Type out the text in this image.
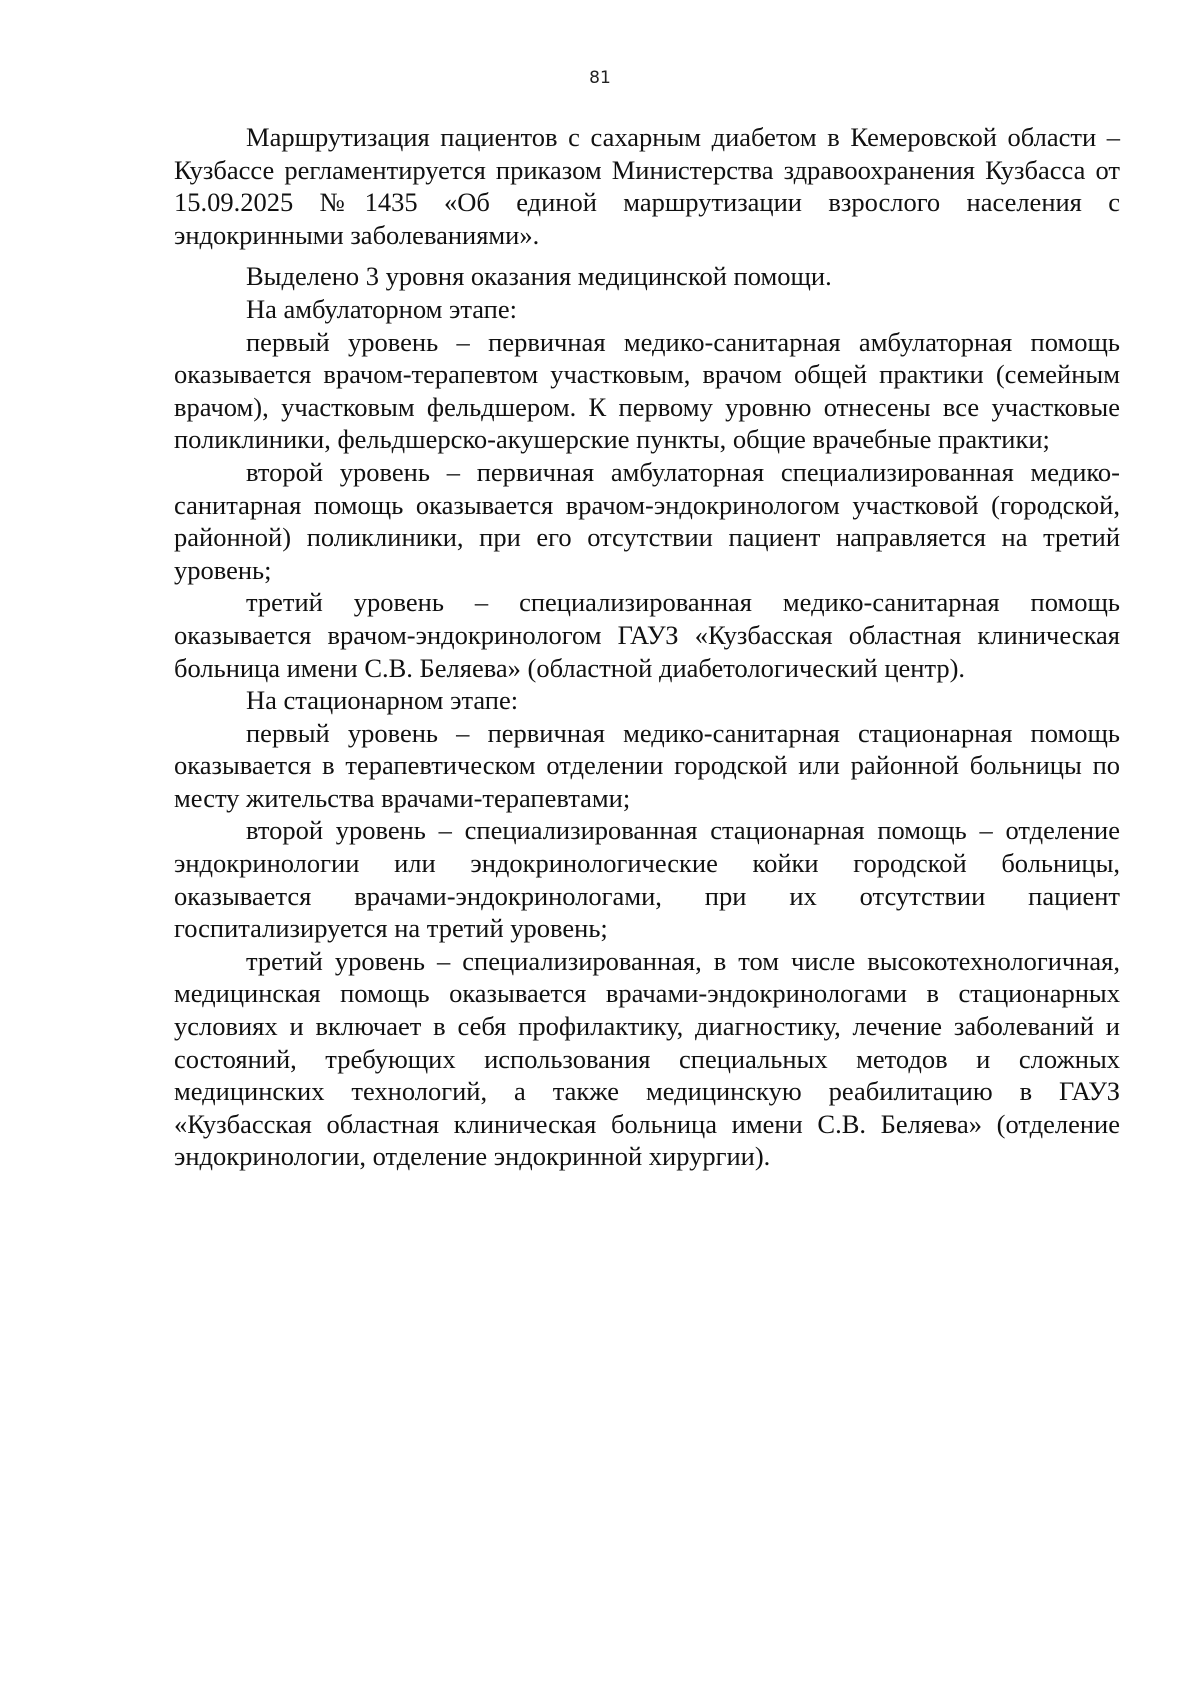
81

Маршрутизация пациентов с сахарным диабетом в Кемеровской области – Кузбассе регламентируется приказом Министерства здравоохранения Кузбасса от 15.09.2025 №1435 «Об единой маршрутизации взрослого населения с эндокринными заболеваниями».

Выделено 3 уровня оказания медицинской помощи.

На амбулаторном этапе:

первый уровень – первичная медико-санитарная амбулаторная помощь оказывается врачом-терапевтом участковым, врачом общей практики (семейным врачом), участковым фельдшером. К первому уровню отнесены все участковые поликлиники, фельдшерско-акушерские пункты, общие врачебные практики;

второй уровень – первичная амбулаторная специализированная медико-санитарная помощь оказывается врачом-эндокринологом участковой (городской, районной) поликлиники, при его отсутствии пациент направляется на третий уровень;

третий уровень – специализированная медико-санитарная помощь оказывается врачом-эндокринологом ГАУЗ «Кузбасская областная клиническая больница имени С.В. Беляева» (областной диабетологический центр).

На стационарном этапе:

первый уровень – первичная медико-санитарная стационарная помощь оказывается в терапевтическом отделении городской или районной больницы по месту жительства врачами-терапевтами;

второй уровень – специализированная стационарная помощь – отделение эндокринологии или эндокринологические койки городской больницы, оказывается врачами-эндокринологами, при их отсутствии пациент госпитализируется на третий уровень;

третий уровень – специализированная, в том числе высокотехнологичная, медицинская помощь оказывается врачами-эндокринологами в стационарных условиях и включает в себя профилактику, диагностику, лечение заболеваний и состояний, требующих использования специальных методов и сложных медицинских технологий, а также медицинскую реабилитацию в ГАУЗ «Кузбасская областная клиническая больница имени С.В. Беляева» (отделение эндокринологии, отделение эндокринной хирургии).
